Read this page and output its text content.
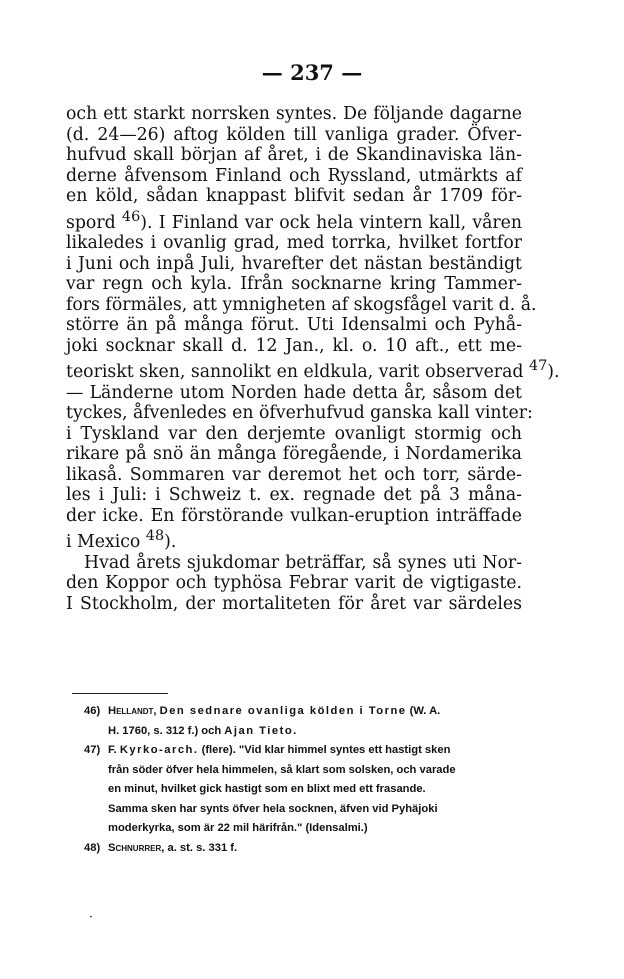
— 237 —
och ett starkt norrsken syntes. De följande dagarne
(d. 24—26) aftog kölden till vanliga grader. Öfver-
hufvud skall början af året, i de Skandinaviska län-
derne åfvensom Finland och Ryssland, utmärkts af
en köld, sådan knappast blifvit sedan år 1709 för-
spord $^{46}$). I Finland var ock hela vintern kall, våren
likaledes i ovanlig grad, med torrka, hvilket fortfor
i Juni och inpå Juli, hvarefter det nästan beständigt
var regn och kyla. Ifrån socknarne kring Tammer-
fors förmäles, att ymnigheten af skogsfågel varit d. å.
större än på många förut. Uti Idensalmi och Pyhå-
joki socknar skall d. 12 Jan., kl. o. 10 aft., ett me-
teoriskt sken, sannolikt en eldkula, varit observerad $^{47}$).
— Länderne utom Norden hade detta år, såsom det
tyckes, åfvenledes en öfverhufvud ganska kall vinter:
i Tyskland var den derjemte ovanligt stormig och
rikare på snö än många föregående, i Nordamerika
likaså. Sommaren var deremot het och torr, särde-
les i Juli: i Schweiz t. ex. regnade det på 3 måna-
der icke. En förstörande vulkan-eruption inträffade
i Mexico $^{48}$).
Hvad årets sjukdomar beträffar, så synes uti Nor-
den Koppor och typhösa Febrar varit de vigtigaste.
I Stockholm, der mortaliteten för året var särdeles
46) Hellandt, Den sednare ovanliga kölden i Torne (W. A.
H. 1760, s. 312 f.) och Ajan Tieto.
47) F. Kyrko-arch. (flere). "Vid klar himmel syntes ett hastigt sken
från söder öfver hela himmelen, så klart som solsken, och varade
en minut, hvilket gick hastigt som en blixt med ett frasande.
Samma sken har synts öfver hela socknen, äfven vid Pyhäjoki
moderkyrka, som är 22 mil härifrån." (Idensalmi.)
48) Schnurrer, a. st. s. 331 f.
·
